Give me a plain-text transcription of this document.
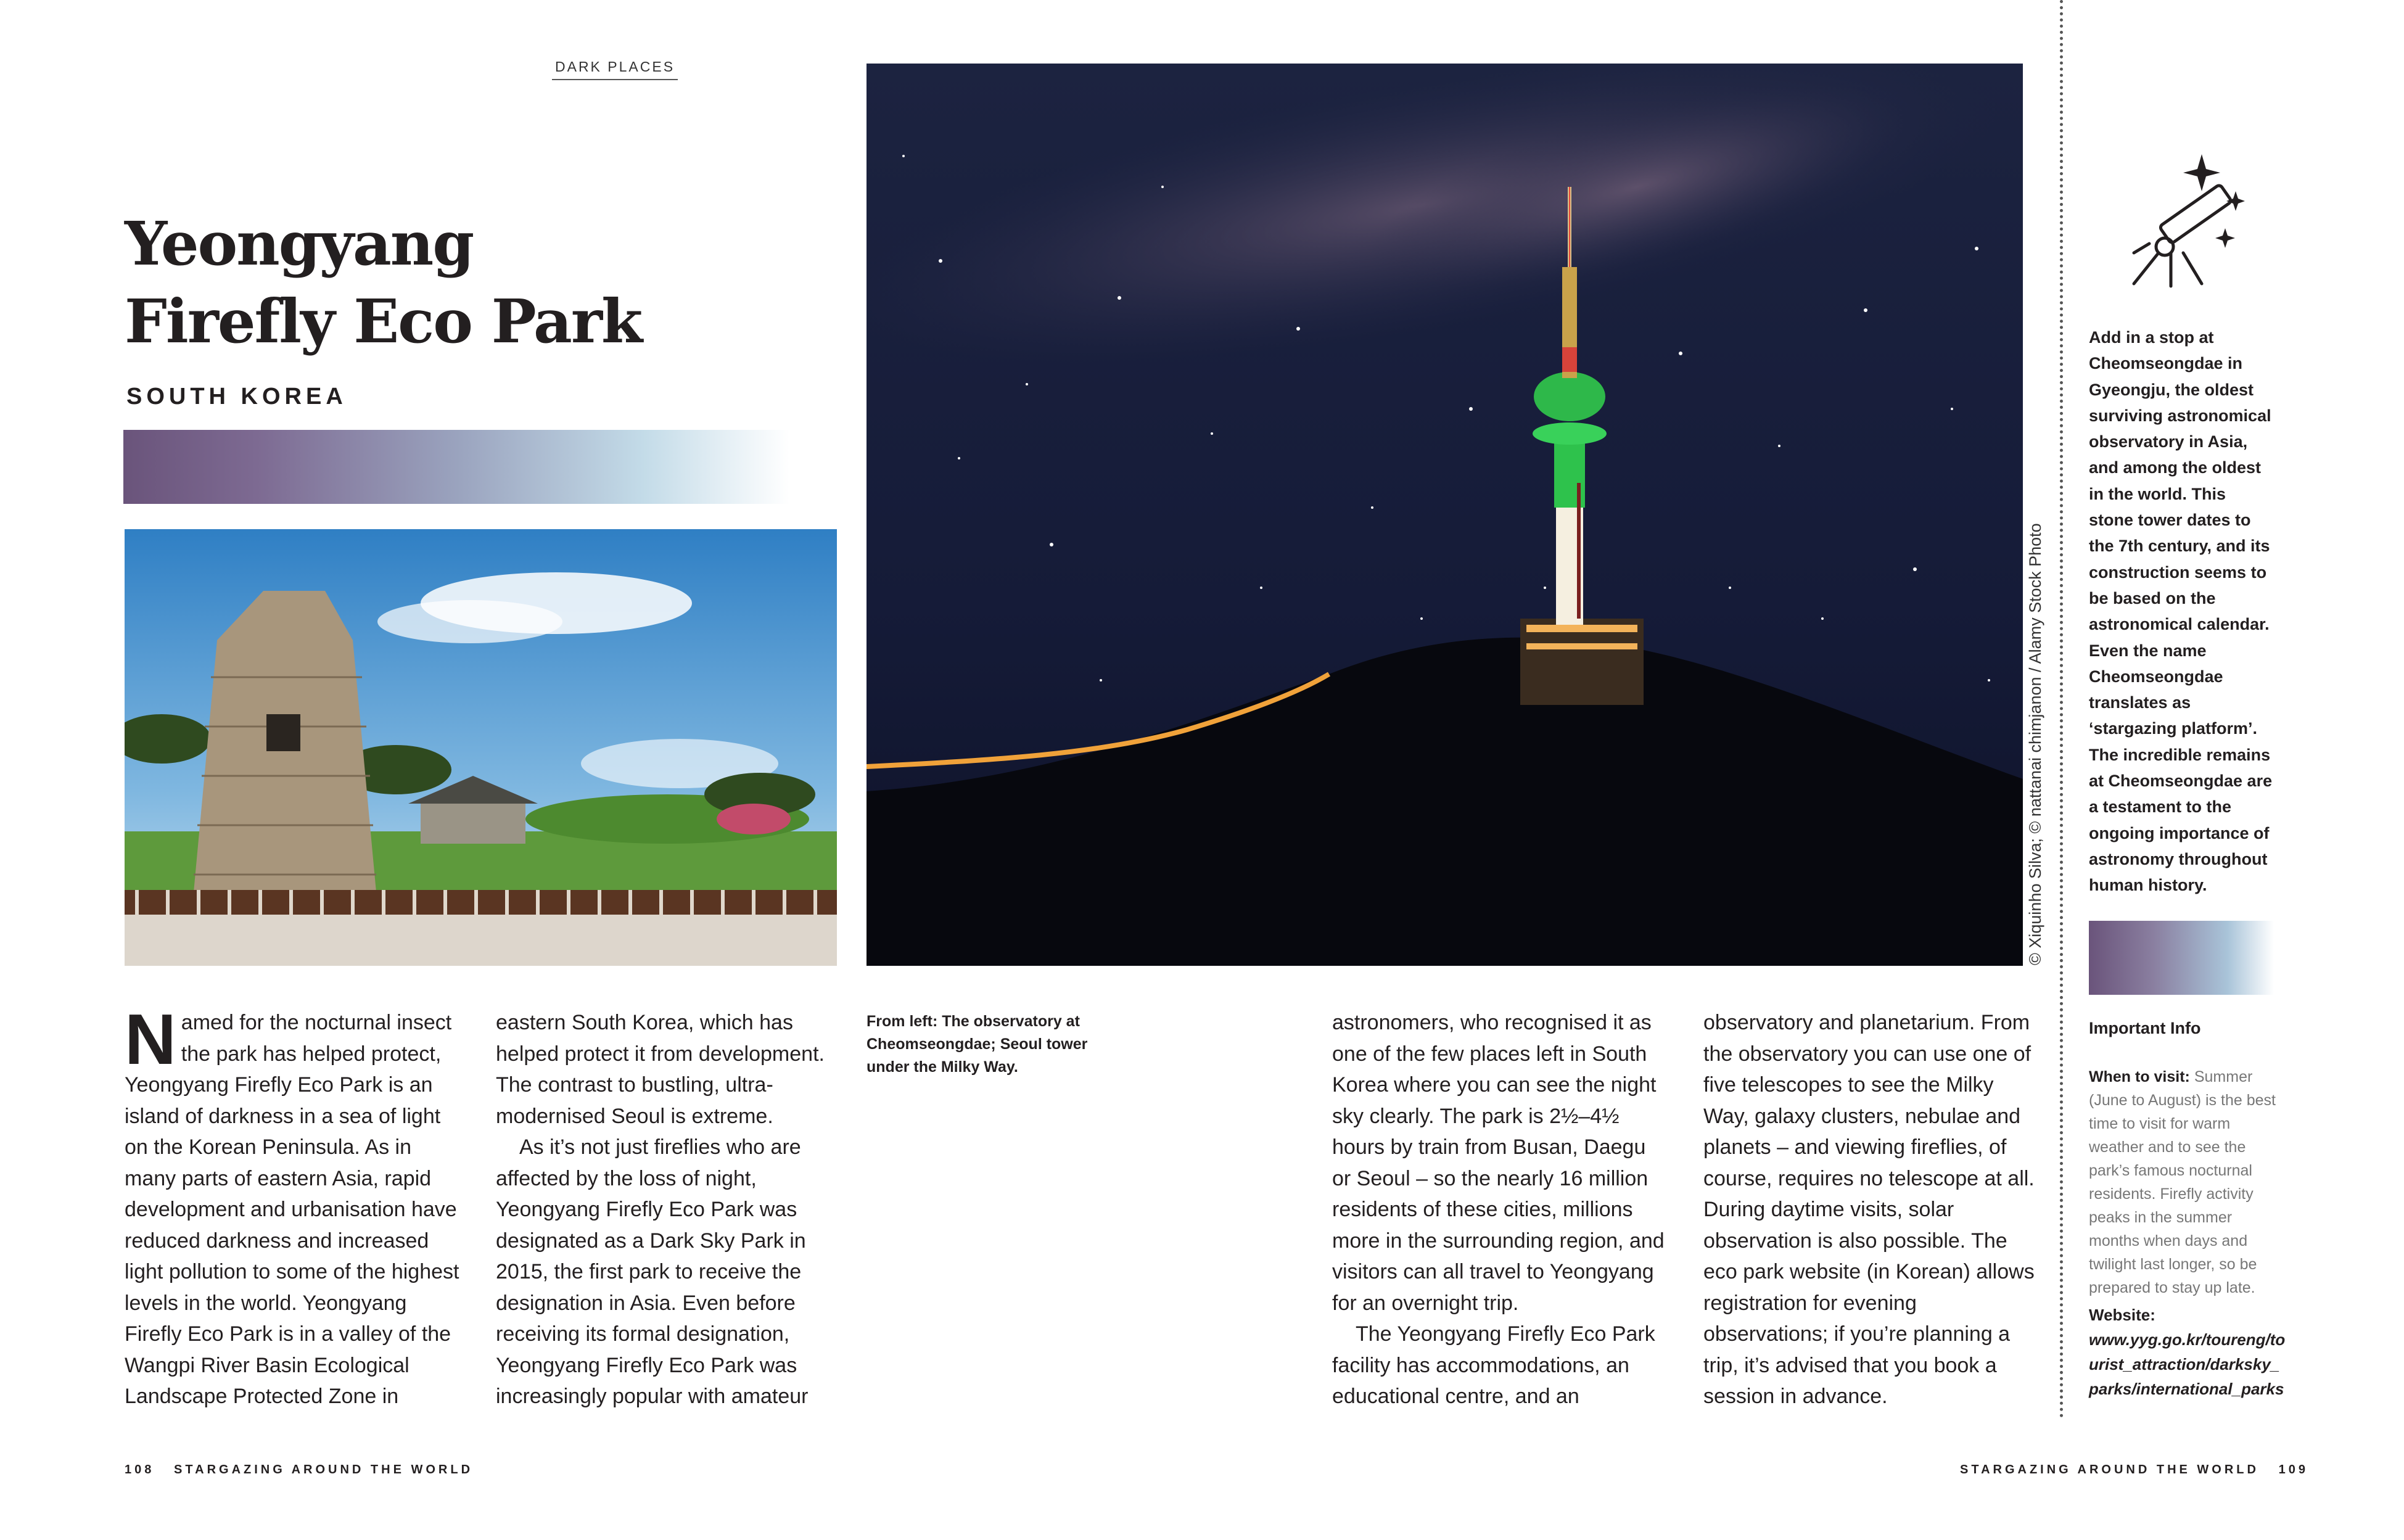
DARK PLACES
Yeongyang
Firefly Eco Park
SOUTH KOREA
© Xiquinho Silva; © nattanai chimjanon / Alamy Stock Photo

Named for the nocturnal insect the park has helped protect, Yeongyang Firefly Eco Park is an island of darkness in a sea of light on the Korean Peninsula. As in many parts of eastern Asia, rapid development and urbanisation have reduced darkness and increased light pollution to some of the highest levels in the world. Yeongyang Firefly Eco Park is in a valley of the Wangpi River Basin Ecological Landscape Protected Zone in

eastern South Korea, which has helped protect it from development. The contrast to bustling, ultra-modernised Seoul is extreme.

As it’s not just fireflies who are affected by the loss of night, Yeongyang Firefly Eco Park was designated as a Dark Sky Park in 2015, the first park to receive the designation in Asia. Even before receiving its formal designation, Yeongyang Firefly Eco Park was increasingly popular with amateur

From left: The observatory at Cheomseongdae; Seoul tower under the Milky Way.

astronomers, who recognised it as one of the few places left in South Korea where you can see the night sky clearly. The park is 2½–4½ hours by train from Busan, Daegu or Seoul – so the nearly 16 million residents of these cities, millions more in the surrounding region, and visitors can all travel to Yeongyang for an overnight trip.

The Yeongyang Firefly Eco Park facility has accommodations, an educational centre, and an

observatory and planetarium. From the observatory you can use one of five telescopes to see the Milky Way, galaxy clusters, nebulae and planets – and viewing fireflies, of course, requires no telescope at all. During daytime visits, solar observation is also possible. The eco park website (in Korean) allows registration for evening observations; if you’re planning a trip, it’s advised that you book a session in advance.

Add in a stop at Cheomseongdae in Gyeongju, the oldest surviving astronomical observatory in Asia, and among the oldest in the world. This stone tower dates to the 7th century, and its construction seems to be based on the astronomical calendar. Even the name Cheomseongdae translates as ‘stargazing platform’. The incredible remains at Cheomseongdae are a testament to the ongoing importance of astronomy throughout human history.
Important Info
When to visit: Summer (June to August) is the best time to visit for warm weather and to see the park’s famous nocturnal residents. Firefly activity peaks in the summer months when days and twilight last longer, so be prepared to stay up late.
Website:
www.yyg.go.kr/toureng/tourist_attraction/darksky_parks/international_parks
108 STARGAZING AROUND THE WORLD	STARGAZING AROUND THE WORLD 109
